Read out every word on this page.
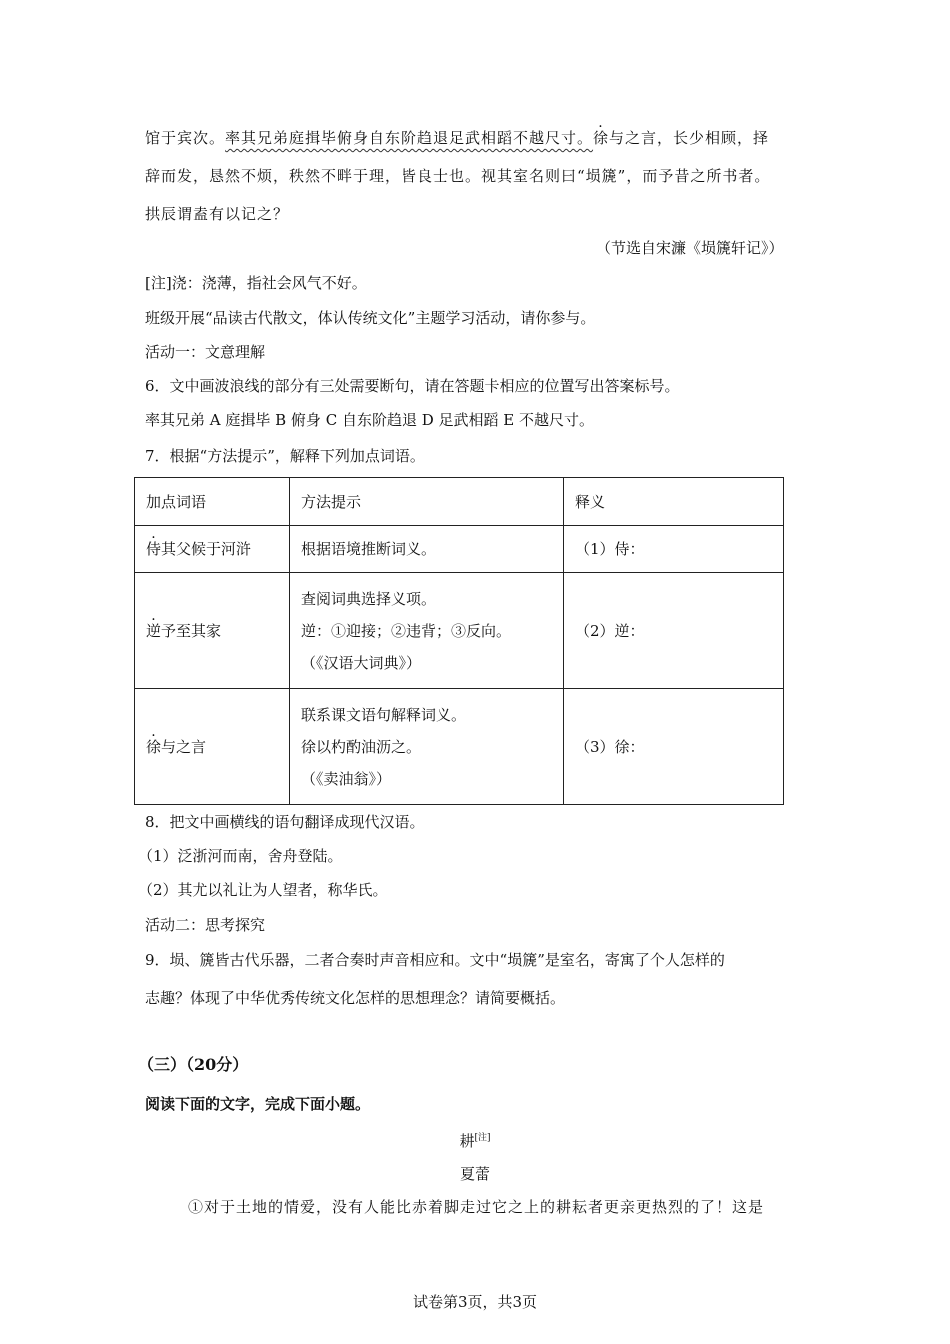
馆于宾次。率其兄弟庭揖毕俯身自东阶趋退足武相蹈不越尺寸。徐与之言，长少相顾，择
辞而发，恳然不烦，秩然不畔于理，皆良士也。视其室名则曰“埙篪”，而予昔之所书者。
拱辰谓盍有以记之？
（节选自宋濂《埙篪轩记》）
[注]浇：浇薄，指社会风气不好。
班级开展“品读古代散文，体认传统文化”主题学习活动，请你参与。
活动一：文意理解
6．文中画波浪线的部分有三处需要断句，请在答题卡相应的位置写出答案标号。
率其兄弟 A 庭揖毕 B 俯身 C 自东阶趋退 D 足武相蹈 E 不越尺寸。
7．根据“方法提示”，解释下列加点词语。
加点词语	方法提示	释义
侍其父候于河浒	根据语境推断词义。	（1）侍：
逆予至其家	查阅词典选择义项。
逆：①迎接；②违背；③反向。
（《汉语大词典》）	（2）逆：
徐与之言	联系课文语句解释词义。
徐以杓酌油沥之。
（《卖油翁》）	（3）徐：
8．把文中画横线的语句翻译成现代汉语。
（1）泛浙河而南，舍舟登陆。
（2）其尤以礼让为人望者，称华氏。
活动二：思考探究
9．埙、篪皆古代乐器，二者合奏时声音相应和。文中“埙篪”是室名，寄寓了个人怎样的
志趣？体现了中华优秀传统文化怎样的思想理念？请简要概括。
（三）（20分）
阅读下面的文字，完成下面小题。
耕[注]
夏蕾
①对于土地的情爱，没有人能比赤着脚走过它之上的耕耘者更亲更热烈的了！这是
试卷第3页，共3页
